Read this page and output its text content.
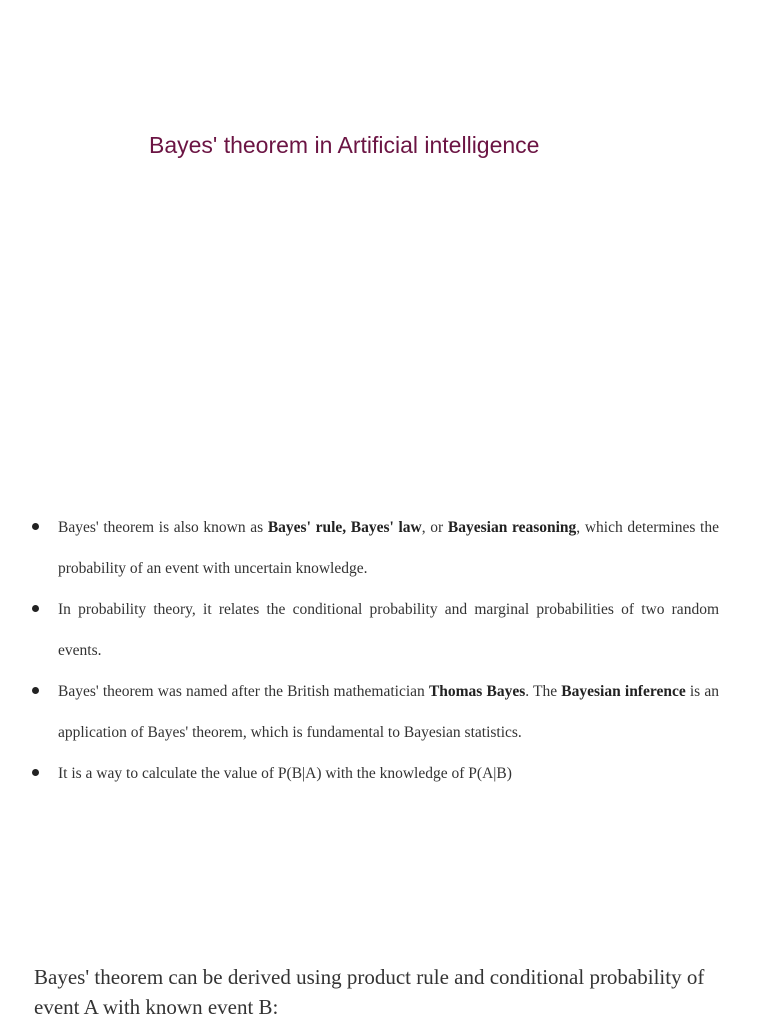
Bayes' theorem in Artificial intelligence
Bayes' theorem is also known as Bayes' rule, Bayes' law, or Bayesian reasoning, which determines the probability of an event with uncertain knowledge.
In probability theory, it relates the conditional probability and marginal probabilities of two random events.
Bayes' theorem was named after the British mathematician Thomas Bayes. The Bayesian inference is an application of Bayes' theorem, which is fundamental to Bayesian statistics.
It is a way to calculate the value of P(B|A) with the knowledge of P(A|B)

Bayes' theorem can be derived using product rule and conditional probability of event A with known event B:
